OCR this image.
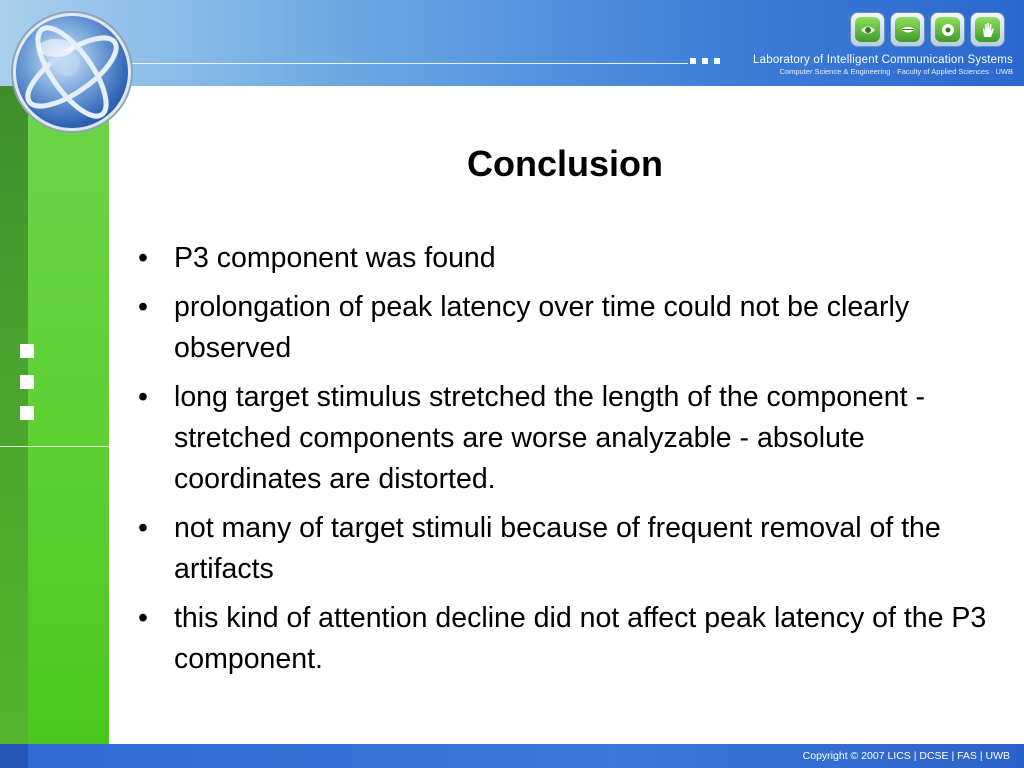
Laboratory of Intelligent Communication Systems
Computer Science & Engineering · Faculty of Applied Sciences · UWB
Conclusion
• P3 component was found
• prolongation of peak latency over time could not be clearly observed
• long target stimulus stretched the length of the component - stretched components are worse analyzable - absolute coordinates are distorted.
• not many of target stimuli because of frequent removal of the artifacts
• this kind of attention decline did not affect peak latency of the P3 component.
Copyright © 2007 LICS | DCSE | FAS | UWB
